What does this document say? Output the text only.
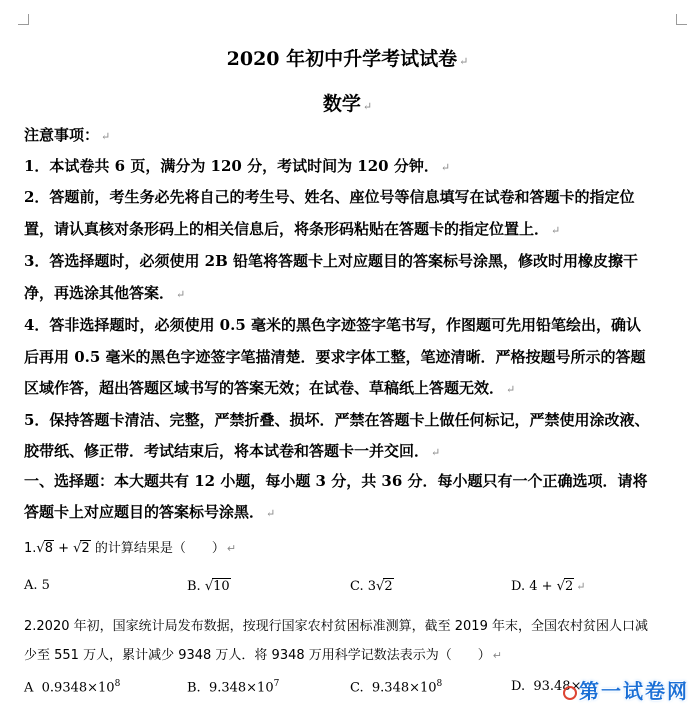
2020 年初中升学考试试卷 ↵
数学 ↵
注意事项： ↵
1．本试卷共 6 页，满分为 120 分，考试时间为 120 分钟． ↵
2．答题前，考生务必先将自己的考生号、姓名、座位号等信息填写在试卷和答题卡的指定位
置，请认真核对条形码上的相关信息后，将条形码粘贴在答题卡的指定位置上． ↵
3．答选择题时，必须使用 2B 铅笔将答题卡上对应题目的答案标号涂黑，修改时用橡皮擦干
净，再选涂其他答案． ↵
4．答非选择题时，必须使用 0.5 毫米的黑色字迹签字笔书写，作图题可先用铅笔绘出，确认
后再用 0.5 毫米的黑色字迹签字笔描清楚．要求字体工整，笔迹清晰．严格按题号所示的答题
区域作答，超出答题区域书写的答案无效；在试卷、草稿纸上答题无效． ↵
5．保持答题卡清洁、完整，严禁折叠、损坏．严禁在答题卡上做任何标记，严禁使用涂改液、
胶带纸、修正带．考试结束后，将本试卷和答题卡一并交回． ↵
一、选择题：本大题共有 12 小题，每小题 3 分，共 36 分．每小题只有一个正确选项．请将
答题卡上对应题目的答案标号涂黑． ↵
1.√8 + √2 的计算结果是（　　） ↵
A. 5	B. √10	C. 3√2	D. 4 + √2 ↵
2.2020 年初，国家统计局发布数据，按现行国家农村贫困标准测算，截至 2019 年末，全国农村贫困人口减
少至 551 万人，累计减少 9348 万人．将 9348 万用科学记数法表示为（　　） ↵
A $0.9348\times 10^8$	B. $9.348\times 10^7$	C. $9.348\times 10^8$	D. 93.48×
第一试卷网
